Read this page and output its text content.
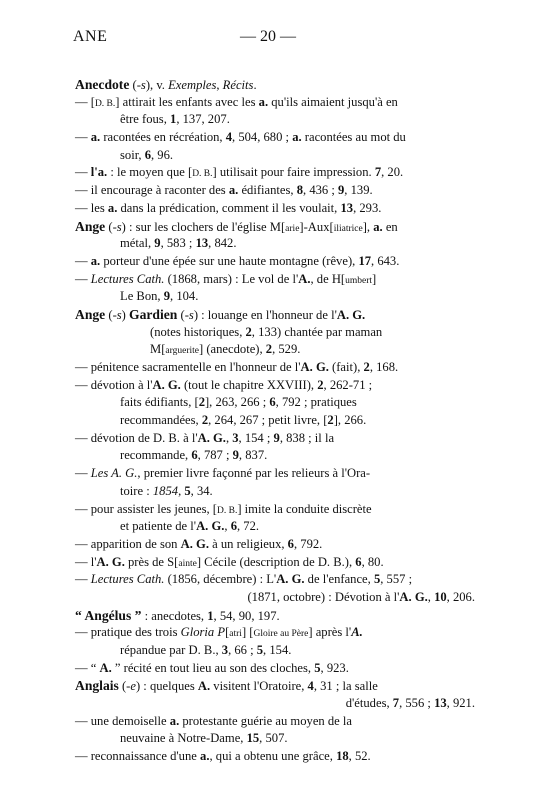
ANE	— 20 —
Anecdote (-s), v. Exemples, Récits.
— [D. B.] attirait les enfants avec les a. qu'ils aimaient jusqu'à en
être fous, 1, 137, 207.
— a. racontées en récréation, 4, 504, 680 ; a. racontées au mot du
soir, 6, 96.
— l'a. : le moyen que [D. B.] utilisait pour faire impression. 7, 20.
— il encourage à raconter des a. édifiantes, 8, 436 ; 9, 139.
— les a. dans la prédication, comment il les voulait, 13, 293.
Ange (-s) : sur les clochers de l'église M[arie]-Aux[iliatrice], a. en
métal, 9, 583 ; 13, 842.
— a. porteur d'une épée sur une haute montagne (rêve), 17, 643.
— Lectures Cath. (1868, mars) : Le vol de l'A., de H[umbert]
Le Bon, 9, 104.
Ange (-s) Gardien (-s) : louange en l'honneur de l'A. G.
(notes historiques, 2, 133) chantée par maman
M[arguerite] (anecdote), 2, 529.
— pénitence sacramentelle en l'honneur de l'A. G. (fait), 2, 168.
— dévotion à l'A. G. (tout le chapitre XXVIII), 2, 262-71 ;
faits édifiants, [2], 263, 266 ; 6, 792 ; pratiques
recommandées, 2, 264, 267 ; petit livre, [2], 266.
— dévotion de D. B. à l'A. G., 3, 154 ; 9, 838 ; il la
recommande, 6, 787 ; 9, 837.
— Les A. G., premier livre façonné par les relieurs à l'Ora-
toire : 1854, 5, 34.
— pour assister les jeunes, [D. B.] imite la conduite discrète
et patiente de l'A. G., 6, 72.
— apparition de son A. G. à un religieux, 6, 792.
— l'A. G. près de S[ainte] Cécile (description de D. B.), 6, 80.
— Lectures Cath. (1856, décembre) : L'A. G. de l'enfance, 5, 557 ;
(1871, octobre) : Dévotion à l'A. G., 10, 206.
“ Angélus ” : anecdotes, 1, 54, 90, 197.
— pratique des trois Gloria P[atri] [Gloire au Père] après l'A.
répandue par D. B., 3, 66 ; 5, 154.
— “ A. ” récité en tout lieu au son des cloches, 5, 923.
Anglais (-e) : quelques A. visitent l'Oratoire, 4, 31 ; la salle
d'études, 7, 556 ; 13, 921.
— une demoiselle a. protestante guérie au moyen de la
neuvaine à Notre-Dame, 15, 507.
— reconnaissance d'une a., qui a obtenu une grâce, 18, 52.
